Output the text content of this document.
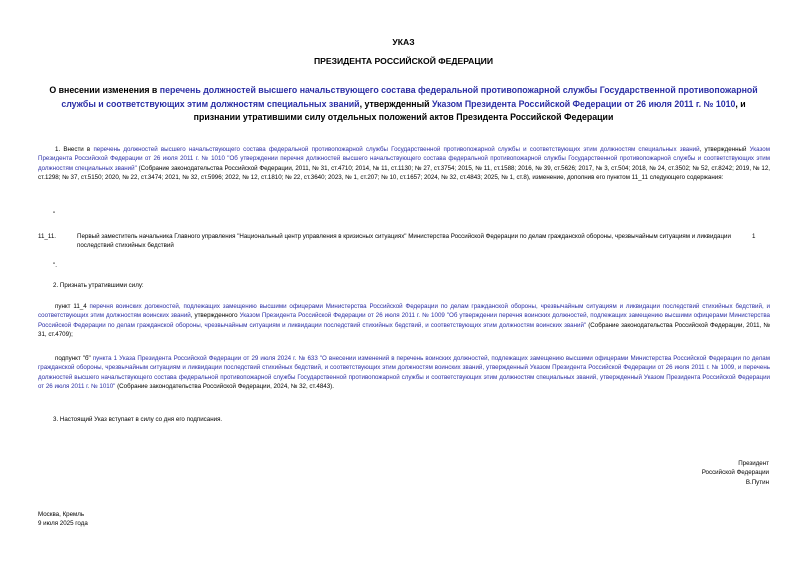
УКАЗ
ПРЕЗИДЕНТА РОССИЙСКОЙ ФЕДЕРАЦИИ
О внесении изменения в перечень должностей высшего начальствующего состава федеральной противопожарной службы Государственной противопожарной службы и соответствующих этим должностям специальных званий, утвержденный Указом Президента Российской Федерации от 26 июля 2011 г. № 1010, и признании утратившими силу отдельных положений актов Президента Российской Федерации
1. Внести в перечень должностей высшего начальствующего состава федеральной противопожарной службы Государственной противопожарной службы и соответствующих этим должностям специальных званий, утвержденный Указом Президента Российской Федерации от 26 июля 2011 г. № 1010 "Об утверждении перечня должностей высшего начальствующего состава федеральной противопожарной службы Государственной противопожарной службы и соответствующих этим должностям специальных званий" (Собрание законодательства Российской Федерации, 2011, № 31, ст.4710; 2014, № 11, ст.1130; № 27, ст.3754; 2015, № 11, ст.1588; 2016, № 39, ст.5626; 2017, № 3, ст.504; 2018, № 24, ст.3502; № 52, ст.8242; 2019, № 12, ст.1298; № 37, ст.5150; 2020, № 22, ст.3474; 2021, № 32, ст.5996; 2022, № 12, ст.1810; № 22, ст.3640; 2023, № 1, ст.207; № 10, ст.1657; 2024, № 32, ст.4843; 2025, № 1, ст.8), изменение, дополнив его пунктом 11_11 следующего содержания:
"
11_11.	Первый заместитель начальника Главного управления "Национальный центр управления в кризисных ситуациях" Министерства Российской Федерации по делам гражданской обороны, чрезвычайным ситуациям и ликвидации последствий стихийных бедствий
1
".
2. Признать утратившими силу:
пункт 11_4 перечня воинских должностей, подлежащих замещению высшими офицерами Министерства Российской Федерации по делам гражданской обороны, чрезвычайным ситуациям и ликвидации последствий стихийных бедствий, и соответствующих этим должностям воинских званий, утвержденного Указом Президента Российской Федерации от 26 июля 2011 г. № 1009 "Об утверждении перечня воинских должностей, подлежащих замещению высшими офицерами Министерства Российской Федерации по делам гражданской обороны, чрезвычайным ситуациям и ликвидации последствий стихийных бедствий, и соответствующих этим должностям воинских званий" (Собрание законодательства Российской Федерации, 2011, № 31, ст.4709);
подпункт "б" пункта 1 Указа Президента Российской Федерации от 29 июля 2024 г. № 633 "О внесении изменений в перечень воинских должностей, подлежащих замещению высшими офицерами Министерства Российской Федерации по делам гражданской обороны, чрезвычайным ситуациям и ликвидации последствий стихийных бедствий, и соответствующих этим должностям воинских званий, утвержденный Указом Президента Российской Федерации от 26 июля 2011 г. № 1009, и перечень должностей высшего начальствующего состава федеральной противопожарной службы Государственной противопожарной службы и соответствующих этим должностям специальных званий, утвержденный Указом Президента Российской Федерации от 26 июля 2011 г. № 1010" (Собрание законодательства Российской Федерации, 2024, № 32, ст.4843).
3. Настоящий Указ вступает в силу со дня его подписания.
Президент
Российской Федерации
В.Путин
Москва, Кремль
9 июля 2025 года
